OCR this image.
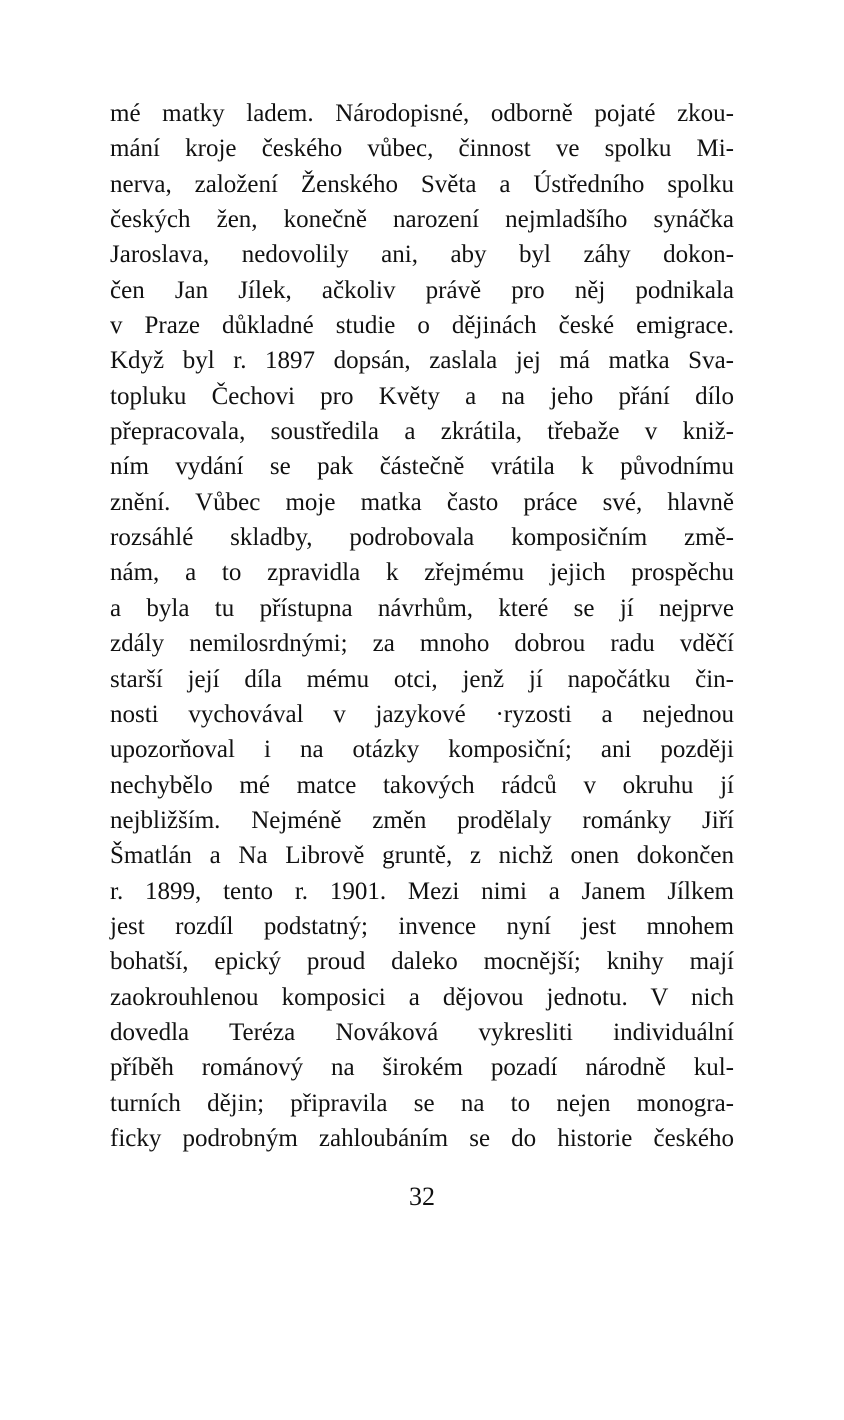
mé matky ladem. Národopisné, odborně pojaté zkou-
mání kroje českého vůbec, činnost ve spolku Mi-
nerva, založení Ženského Světa a Ústředního spolku
českých žen, konečně narození nejmladšího synáčka
Jaroslava, nedovolily ani, aby byl záhy dokon-
čen Jan Jílek, ačkoliv právě pro něj podnikala
v Praze důkladné studie o dějinách české emigrace.
Když byl r. 1897 dopsán, zaslala jej má matka Sva-
topluku Čechovi pro Květy a na jeho přání dílo
přepracovala, soustředila a zkrátila, třebaže v kniž-
ním vydání se pak částečně vrátila k původnímu
znění. Vůbec moje matka často práce své, hlavně
rozsáhlé skladby, podrobovala komposičním změ-
nám, a to zpravidla k zřejmému jejich prospěchu
a byla tu přístupna návrhům, které se jí nejprve
zdály nemilosrdnými; za mnoho dobrou radu vděčí
starší její díla mému otci, jenž jí napočátku čin-
nosti vychovával v jazykové ·ryzosti a nejednou
upozorňoval i na otázky komposiční; ani později
nechybělo mé matce takových rádců v okruhu jí
nejbližším. Nejméně změn prodělaly románky Jiří
Šmatlán a Na Librově gruntě, z nichž onen dokončen
r. 1899, tento r. 1901. Mezi nimi a Janem Jílkem
jest rozdíl podstatný; invence nyní jest mnohem
bohatší, epický proud daleko mocnější; knihy mají
zaokrouhlenou komposici a dějovou jednotu. V nich
dovedla Teréza Nováková vykresliti individuální
příběh románový na širokém pozadí národně kul-
turních dějin; připravila se na to nejen monogra-
ficky podrobným zahloubáním se do historie českého
32
